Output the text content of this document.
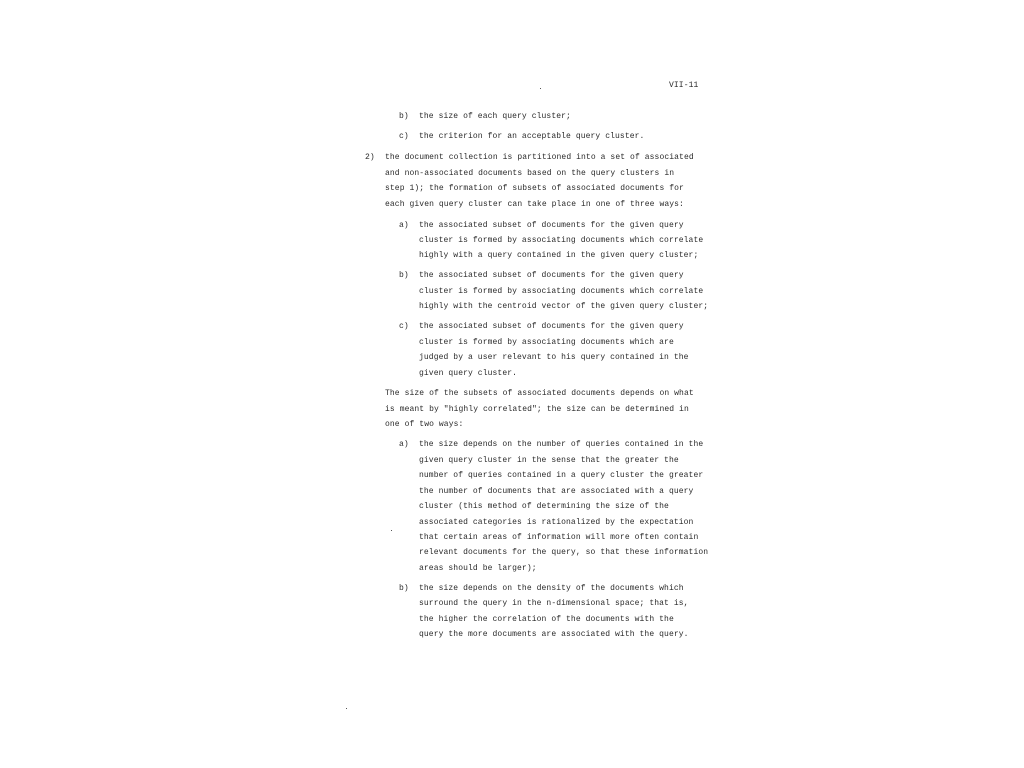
VII-11
b) the size of each query cluster;
c) the criterion for an acceptable query cluster.
2) the document collection is partitioned into a set of associated
and non-associated documents based on the query clusters in
step 1); the formation of subsets of associated documents for
each given query cluster can take place in one of three ways:
a) the associated subset of documents for the given query
cluster is formed by associating documents which correlate
highly with a query contained in the given query cluster;
b) the associated subset of documents for the given query
cluster is formed by associating documents which correlate
highly with the centroid vector of the given query cluster;
c) the associated subset of documents for the given query
cluster is formed by associating documents which are
judged by a user relevant to his query contained in the
given query cluster.
The size of the subsets of associated documents depends on what
is meant by "highly correlated"; the size can be determined in
one of two ways:
a) the size depends on the number of queries contained in the
given query cluster in the sense that the greater the
number of queries contained in a query cluster the greater
the number of documents that are associated with a query
cluster (this method of determining the size of the
associated categories is rationalized by the expectation
that certain areas of information will more often contain
relevant documents for the query, so that these information
areas should be larger);
b) the size depends on the density of the documents which
surround the query in the n-dimensional space; that is,
the higher the correlation of the documents with the
query the more documents are associated with the query.
